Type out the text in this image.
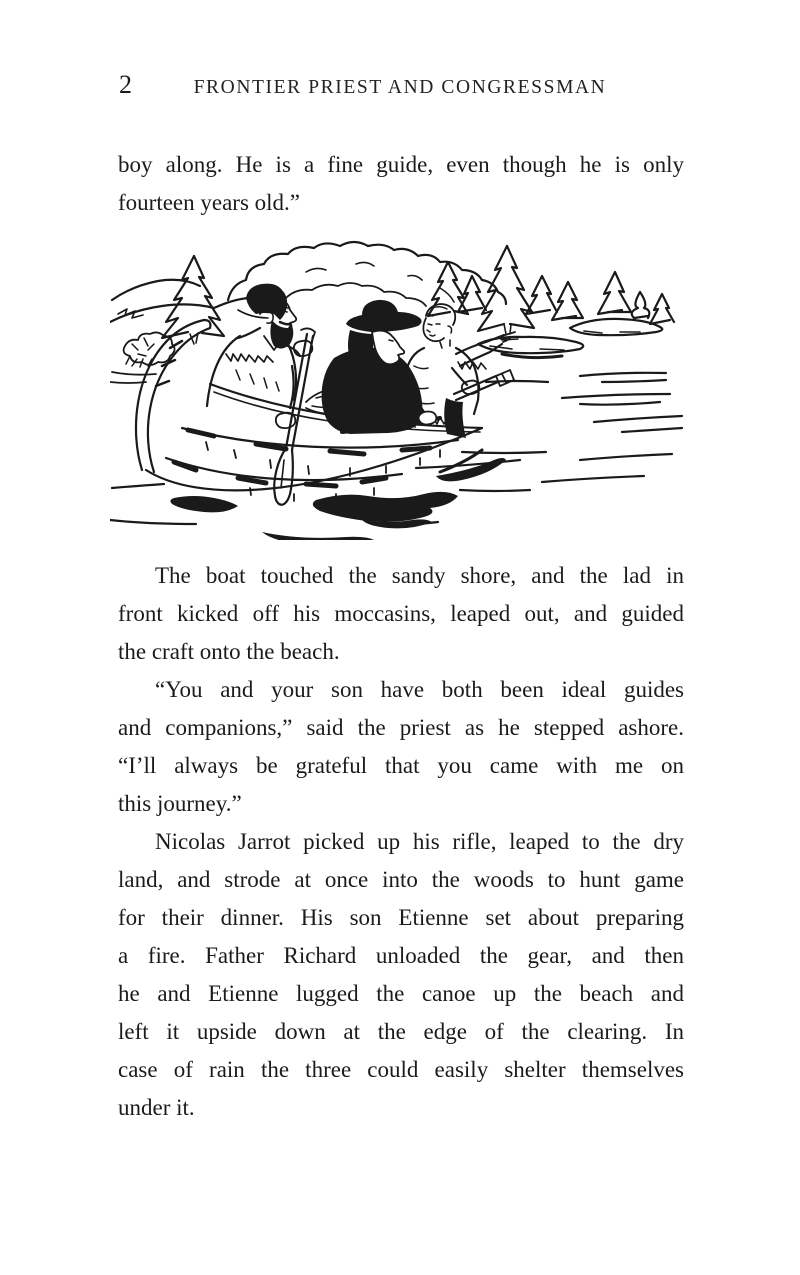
2	FRONTIER PRIEST AND CONGRESSMAN
boy along. He is a fine guide, even though he is only
fourteen years old.”
The boat touched the sandy shore, and the lad in
front kicked off his moccasins, leaped out, and guided
the craft onto the beach.
“You and your son have both been ideal guides
and companions,” said the priest as he stepped ashore.
“I’ll always be grateful that you came with me on
this journey.”
Nicolas Jarrot picked up his rifle, leaped to the dry
land, and strode at once into the woods to hunt game
for their dinner. His son Etienne set about preparing
a fire. Father Richard unloaded the gear, and then
he and Etienne lugged the canoe up the beach and
left it upside down at the edge of the clearing. In
case of rain the three could easily shelter themselves
under it.
